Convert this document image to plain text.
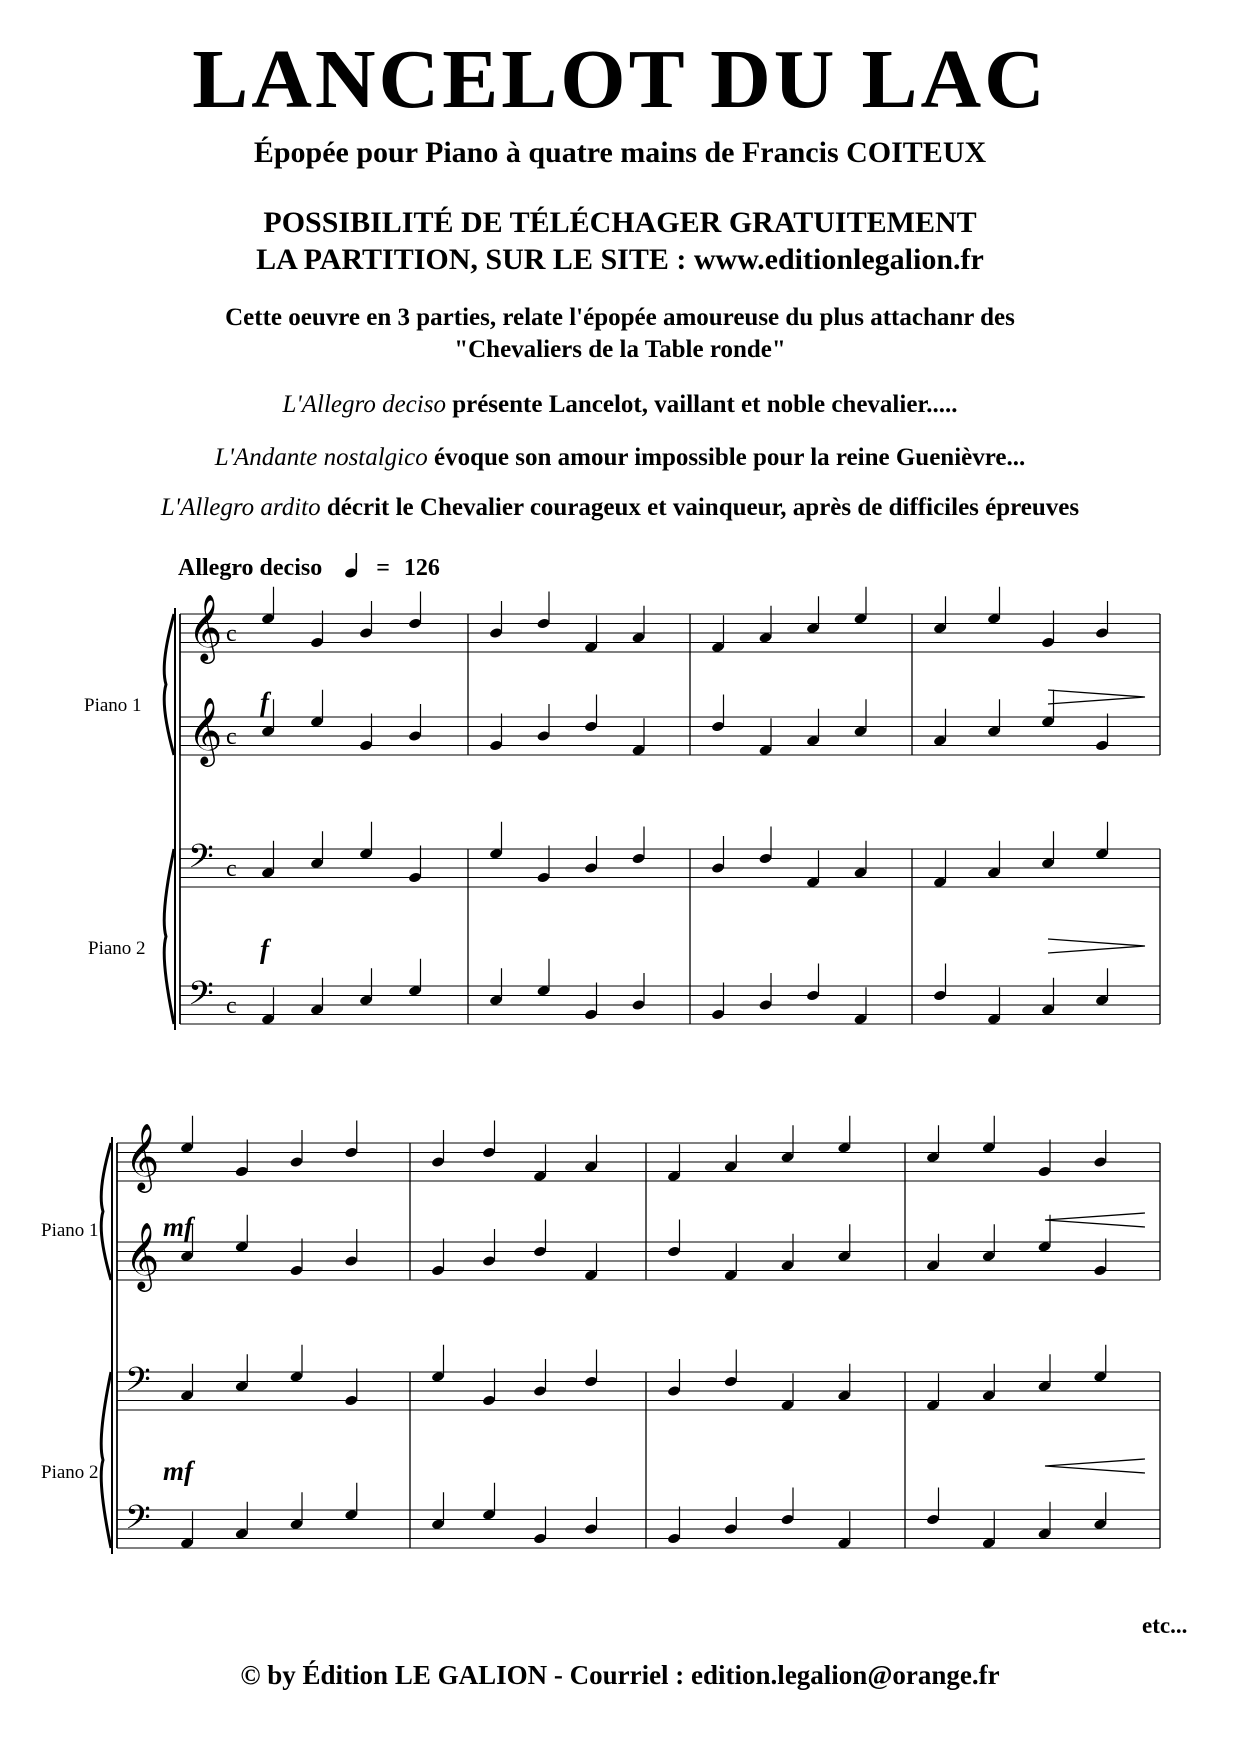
LANCELOT DU LAC
Épopée pour Piano à quatre mains de Francis COITEUX
POSSIBILITÉ DE TÉLÉCHAGER GRATUITEMENT
LA PARTITION, SUR LE SITE : www.editionlegalion.fr
Cette oeuvre en 3 parties, relate l'épopée amoureuse du plus attachanr des
"Chevaliers de la Table ronde"
L'Allegro deciso présente Lancelot, vaillant et noble chevalier.....
L'Andante nostalgico évoque son amour impossible pour la reine Guenièvre...
L'Allegro ardito décrit le Chevalier courageux et vainqueur, après de difficiles épreuves
Allegro deciso = 126
Piano 1
Piano 2
Piano 1
Piano 2
f
f
mf
mf
𝄞 c
𝄞 c
𝄢 c
𝄢 c
𝄞
𝄞
𝄢
𝄢
etc...
© by Édition LE GALION - Courriel : edition.legalion@orange.fr
